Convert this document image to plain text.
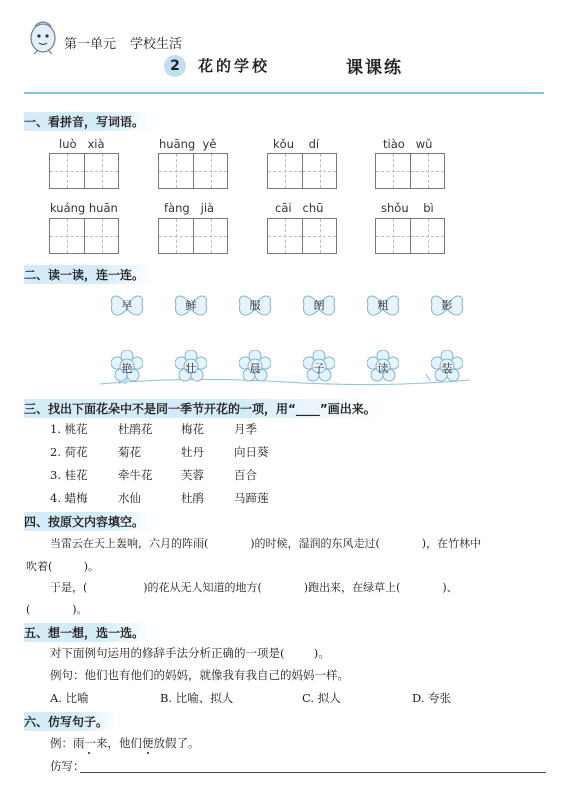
第一单元 学校生活
2	花的学校	课课练
一、看拼音，写词语。
luò   xià	huāng  yě	kǒu    dí	tiào   wǔ
kuáng huān	fàng   jià	cāi   chū	shǒu    bì
二、读一读，连一连。
早	鲜	服	朗	粗	影
艳	壮	晨	子	读	装
三、找出下面花朵中不是同一季节开花的一项，用“____”画出来。
1. 桃花	杜鹃花 梅花	月季
2. 荷花	菊花	牡丹	向日葵
3. 桂花	牵牛花 芙蓉	百合
4. 蜡梅	水仙	杜鹃	马蹄莲
四、按原文内容填空。
当雷云在天上轰响，六月的阵雨(            )的时候，湿润的东风走过(            )，在竹林中
吹着(         )。
于是，(                )的花从无人知道的地方(            )跑出来，在绿草上(            )、
(            )。
五、想一想，选一选。
对下面例句运用的修辞手法分析正确的一项是(        )。
例句：他们也有他们的妈妈，就像我有我自己的妈妈一样。
A. 比喻	B. 比喻、拟人	C. 拟人	D. 夸张
六、仿写句子。
例：雨一来，他们便放假了。
仿写：
